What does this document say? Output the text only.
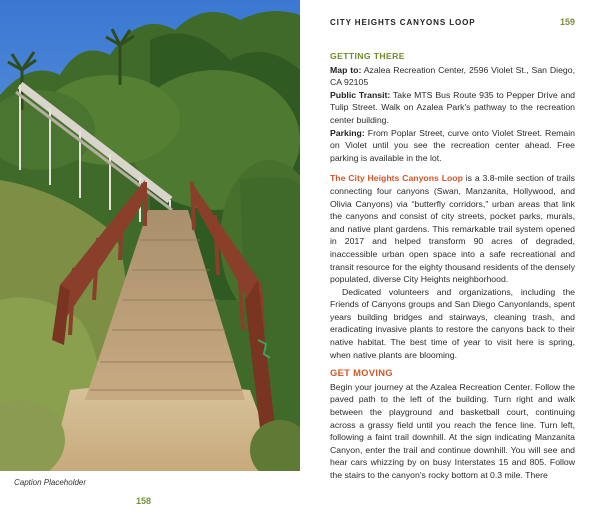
Caption Placeholder
158
CITY HEIGHTS CANYONS LOOP	159
GETTING THERE

Map to: Azalea Recreation Center, 2596 Violet St., San Diego, CA 92105

Public Transit: Take MTS Bus Route 935 to Pepper Drive and Tulip Street. Walk on Azalea Park's pathway to the recreation center building.

Parking: From Poplar Street, curve onto Violet Street. Remain on Violet until you see the recreation center ahead. Free parking is available in the lot.

The City Heights Canyons Loop is a 3.8-mile section of trails connecting four canyons (Swan, Manzanita, Hollywood, and Olivia Canyons) via “butterfly corridors,” urban areas that link the canyons and consist of city streets, pocket parks, murals, and native plant gardens. This remarkable trail system opened in 2017 and helped transform 90 acres of degraded, inaccessible urban open space into a safe recreational and transit resource for the eighty thousand residents of the densely populated, diverse City Heights neighborhood.

Dedicated volunteers and organizations, including the Friends of Canyons groups and San Diego Canyonlands, spent years building bridges and stairways, cleaning trash, and eradicating invasive plants to restore the canyons back to their native habitat. The best time of year to visit here is spring, when native plants are blooming.

GET MOVING

Begin your journey at the Azalea Recreation Center. Follow the paved path to the left of the building. Turn right and walk between the playground and basketball court, continuing across a grassy field until you reach the fence line. Turn left, following a faint trail downhill. At the sign indicating Manzanita Canyon, enter the trail and continue downhill. You will see and hear cars whizzing by on busy Interstates 15 and 805. Follow the stairs to the canyon's rocky bottom at 0.3 mile. There
